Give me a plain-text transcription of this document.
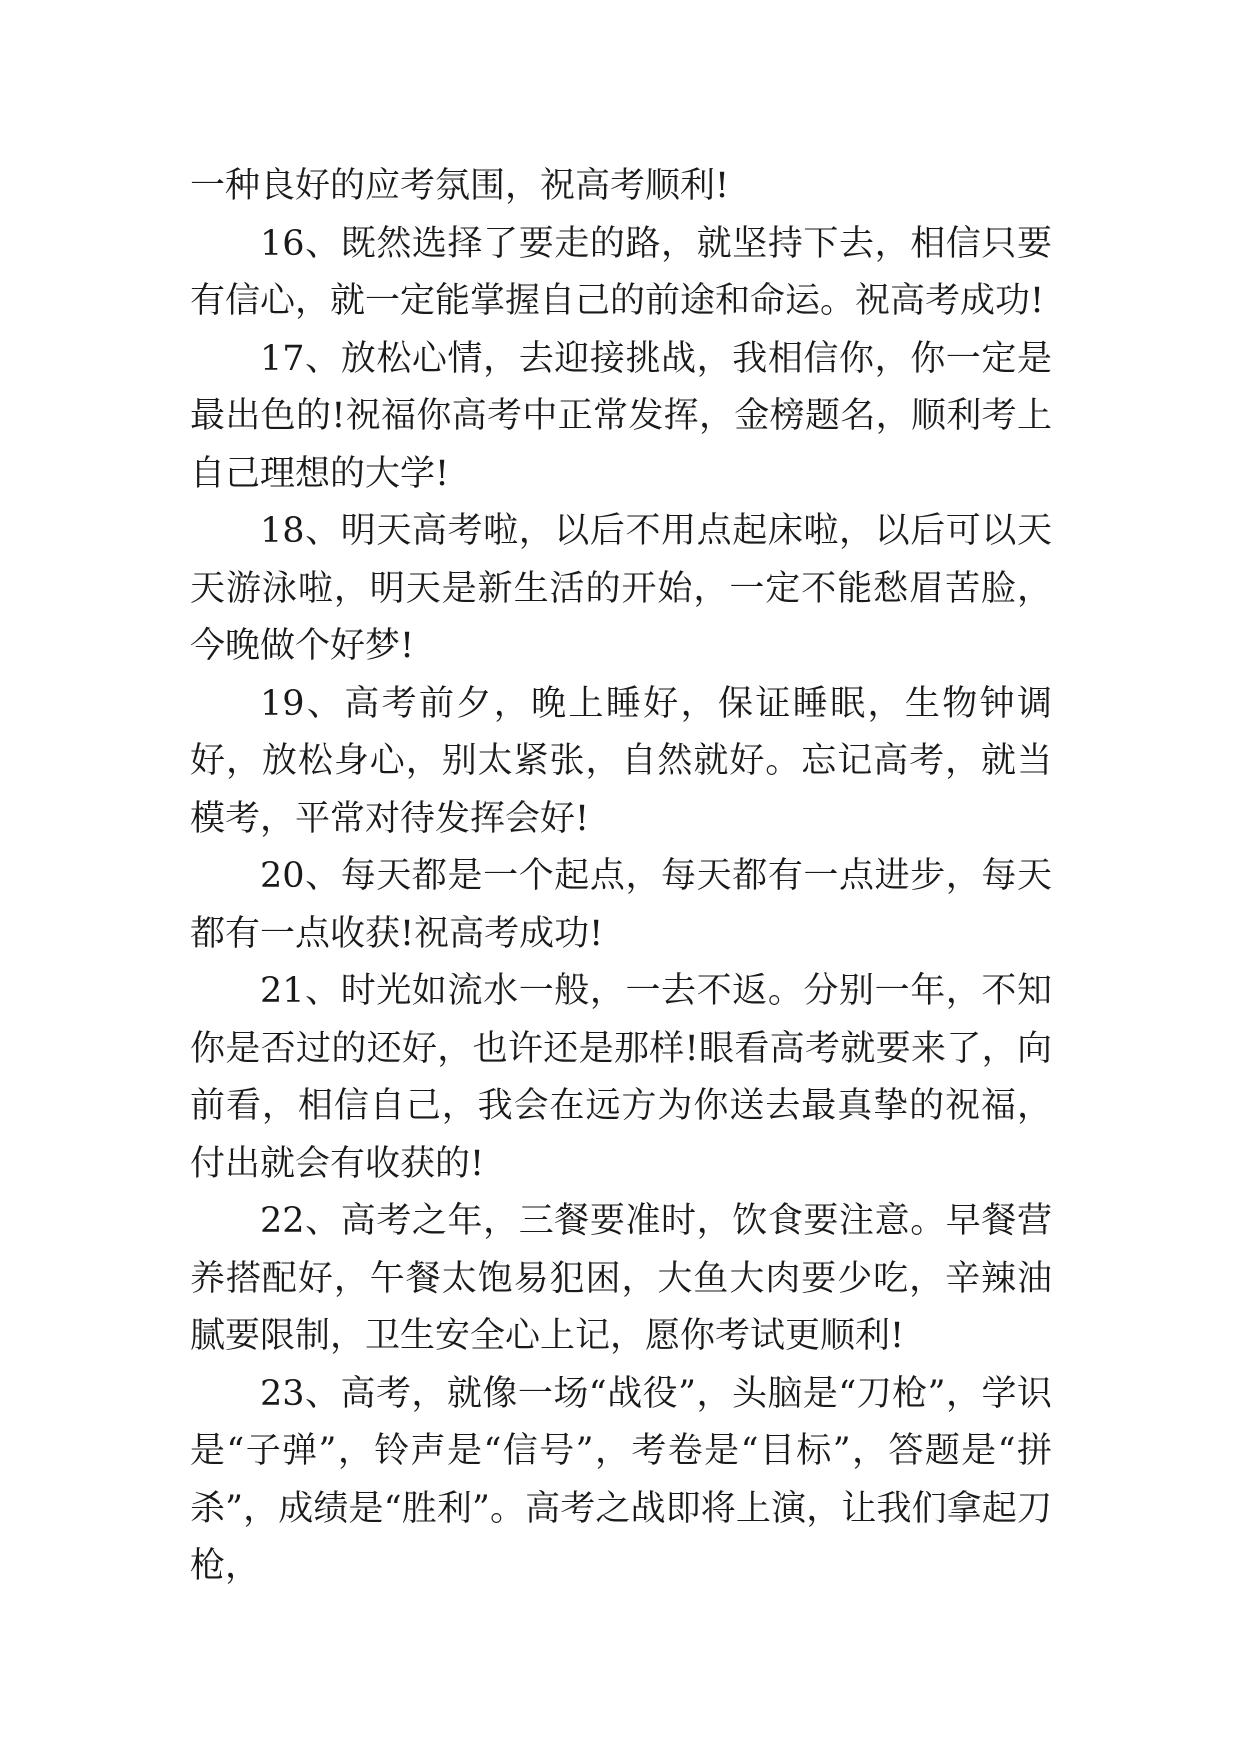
一种良好的应考氛围，祝高考顺利!

16、既然选择了要走的路，就坚持下去，相信只要有信心，就一定能掌握自己的前途和命运。祝高考成功!

17、放松心情，去迎接挑战，我相信你，你一定是最出色的!祝福你高考中正常发挥，金榜题名，顺利考上自己理想的大学!

18、明天高考啦，以后不用点起床啦，以后可以天天游泳啦，明天是新生活的开始，一定不能愁眉苦脸，今晚做个好梦!

19、高考前夕，晚上睡好，保证睡眠，生物钟调好，放松身心，别太紧张，自然就好。忘记高考，就当模考，平常对待发挥会好!

20、每天都是一个起点，每天都有一点进步，每天都有一点收获!祝高考成功!

21、时光如流水一般，一去不返。分别一年，不知你是否过的还好，也许还是那样!眼看高考就要来了，向前看，相信自己，我会在远方为你送去最真挚的祝福，付出就会有收获的!

22、高考之年，三餐要准时，饮食要注意。早餐营养搭配好，午餐太饱易犯困，大鱼大肉要少吃，辛辣油腻要限制，卫生安全心上记，愿你考试更顺利!

23、高考，就像一场“战役”，头脑是“刀枪”，学识是“子弹”，铃声是“信号”，考卷是“目标”，答题是“拼杀”，成绩是“胜利”。高考之战即将上演，让我们拿起刀枪，
